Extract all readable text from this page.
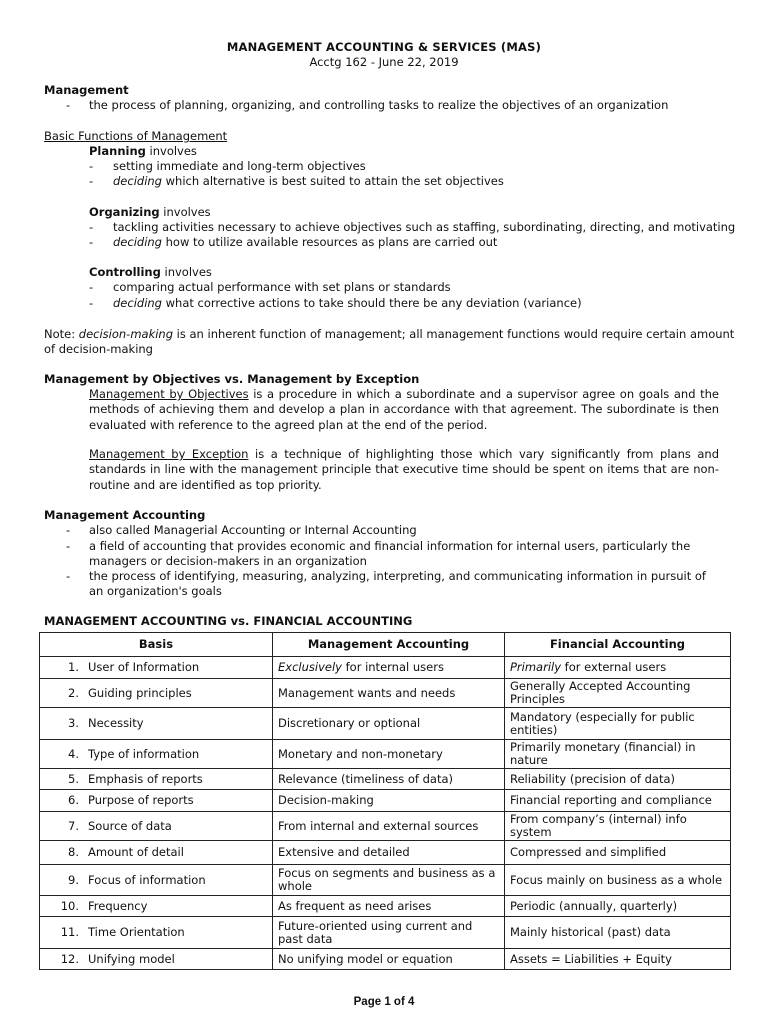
MANAGEMENT ACCOUNTING & SERVICES (MAS)
Acctg 162 - June 22, 2019
Management
-	the process of planning, organizing, and controlling tasks to realize the objectives of an organization
Basic Functions of Management
Planning involves
-	setting immediate and long-term objectives
-	deciding which alternative is best suited to attain the set objectives
Organizing involves
-	tackling activities necessary to achieve objectives such as staffing, subordinating, directing, and motivating
-	deciding how to utilize available resources as plans are carried out
Controlling involves
-	comparing actual performance with set plans or standards
-	deciding what corrective actions to take should there be any deviation (variance)
Note: decision-making is an inherent function of management; all management functions would require certain amount
of decision-making
Management by Objectives vs. Management by Exception
Management by Objectives is a procedure in which a subordinate and a supervisor agree on goals and the methods of achieving them and develop a plan in accordance with that agreement. The subordinate is then evaluated with reference to the agreed plan at the end of the period.
Management by Exception is a technique of highlighting those which vary significantly from plans and standards in line with the management principle that executive time should be spent on items that are non-routine and are identified as top priority.
Management Accounting
-	also called Managerial Accounting or Internal Accounting
-	a field of accounting that provides economic and financial information for internal users, particularly the managers or decision-makers in an organization
-	the process of identifying, measuring, analyzing, interpreting, and communicating information in pursuit of an organization's goals
MANAGEMENT ACCOUNTING vs. FINANCIAL ACCOUNTING
Basis		Management Accounting	Financial Accounting
1.	User of Information	Exclusively for internal users	Primarily for external users
2.	Guiding principles	Management wants and needs	Generally Accepted Accounting Principles
3.	Necessity	Discretionary or optional	Mandatory (especially for public entities)
4.	Type of information	Monetary and non-monetary	Primarily monetary (financial) in nature
5.	Emphasis of reports	Relevance (timeliness of data)	Reliability (precision of data)
6.	Purpose of reports	Decision-making	Financial reporting and compliance
7.	Source of data	From internal and external sources	From company’s (internal) info system
8.	Amount of detail	Extensive and detailed	Compressed and simplified
9.	Focus of information	Focus on segments and business as a whole	Focus mainly on business as a whole
10.	Frequency	As frequent as need arises	Periodic (annually, quarterly)
11.	Time Orientation	Future-oriented using current and past data	Mainly historical (past) data
12.	Unifying model	No unifying model or equation	Assets = Liabilities + Equity
Page 1 of 4
